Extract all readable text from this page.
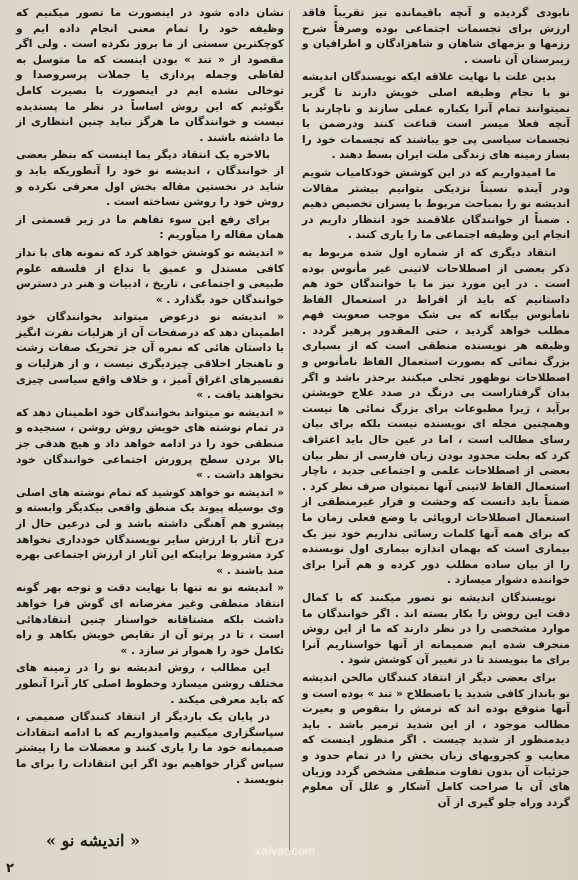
نابودی گردیده و آنچه باقیمانده نیز تقریباً فاقد ارزش برای تجسمات اجتماعی بوده وصرفاً شرح رزمها و بزمهای شاهان و شاهزادگان و اطرافیان و زیبرستان آن ناست .

بدین علت با نهایت علاقه ایکه نویسندگان اندیشه نو با نجام وظیفه اصلی خویش دارند نا گزیر نمیتوانند تمام آنرا یکباره عملی سازند و ناچارند با آنچه فعلا میسر است قناعت کنند ودرضمن با تجسمات سیاسی پی جو یباشند که تجسمات خود را بساز رمینه های زندگی ملت ایران بسط دهند .

ما امیدواریم که در این کوشش خودکامیاب شویم ودر آینده نسبتاً نزدیکی بتوانیم بیشتر مقالات اندیشه نو را بمباحث مربوط با یسران تخصیص دهیم . ضمناً از خوانندگان علاقمند خود انتظار داریم در انجام این وظیفه اجتماعی ما را یاری کنند .

انتقاد دیگری که از شماره اول شده مربوط به ذکر بعضی از اصطلاحات لاتینی غیر مأنوس بوده است . در این مورد نیز ما با خوانندگان خود هم داستانیم که باید از افراط در استعمال الفاظ نامأنوس بیگانه که بی شک موجب صعوبت فهم مطلب خواهد گردید ، حتی المقدور پرهیز گردد . وظیفه هر نویسنده منطقی است که از بسیاری بزرگ نمائی که بصورت استعمال الفاظ نامأنوس و اصطلاحات نوظهور تجلی میکنند برحذر باشد و اگر بدان گرفتاراست بی درنگ در صدد علاج خویشتن برآید ، زیرا مطبوعات برای بزرگ نمائی ها نیست وهمچنین مجله ای نویسنده نیست بلکه برای بیان رسای مطالب است ، اما در عین حال باید اعتراف کرد که بعلت محدود بودن زبان فارسی از نظر بیان بعضی از اصطلاحات علمی و اجتماعی جدید ، ناچار استعمال الفاظ لاتینی آنها نمیتوان صرف نظر کرد . ضمناً باید دانست که وحشت و فرار غیرمنطقی از استعمال اصطلاحات اروپائی با وضع فعلی زمان ما که برای همه آنها کلمات رسائی نداریم خود نیز یک بیماری است که بهمان اندازه بیماری اول نویسنده را از بیان ساده مطلب دور کرده و هم آنرا برای خواننده دشوار میسازد .

نویسندگان اندیشه نو تصور میکنند که با کمال دقت این روش را بکار بسته اند . اگر خوانندگان ما موارد مشخصی را در نظر دارند که ما از این روش منحرف شده ایم صمیمانه از آنها خواستاریم آنرا برای ما بنویسند تا در تغییر آن کوشش شود .

برای بعضی دیگر از انتقاد کنندگان مالحن اندیشه نو بانداز کافی شدید یا باصطلاح « تند » بوده است و آنها متوقع بوده اند که ترمش را بنقوص و بعیرت مطالب موجود ، از این شدید ترمیر باشد . باید دیدمنظور از شدید چیست . اگر منظور اینست که معایب و کجرویهای زبان بخش را در تمام حدود و جزئیات آن بدون تفاوت منطقی مشخص گردد وزیان های آن با صراحت کامل آشکار و علل آن معلوم گردد وراه جلو گیری از آن

نشان داده شود در اینصورت ما تصور میکنیم که وظیفه خود را تمام معنی انجام داده ایم و کوچکترین سستی از ما بروز نکرده است . ولی اگر مقصود از « تند » بودن اینست که ما متوسل به لفاظی وجمله پردازی یا جملات پرسروصدا و توخالی نشده ایم در اینصورت با بصیرت کامل بگوئیم که این روش اساساً در نظر ما پسندیده نیست و خوانندگان ما هرگز نباید چنین انتظاری از ما داشته باشند .

بالاخره یک انتقاد دیگر بما اینست که بنظر بعضی از خوانندگان ، اندیشه نو خود را آنطوریکه باید و شاید در نخستین مقاله بخش اول معرفی نکرده و روش خود را روشن نساخته است .

برای رفع این سوء تفاهم ما در زیر قسمتی از همان مقاله را میآوریم :

« اندیشه نو کوشش خواهد کرد که نمونه های با نداز کافی مستدل و عمیق یا نداع از فلسفه علوم طبیعی و اجتماعی ، تاریخ ، ادبیات و هنر در دسترس خوانندگان خود بگذارد . »

« اندیشه نو درعوض میتواند بخوانندگان خود اطمینان دهد که درصفحات آن از هزلیات نفرت انگیز یا داستان هائی که نمره آن جز تحریک صفات زشت و ناهنجار اخلاقی چیزدیگری نیست ، و از هزلیات و تفسیرهای اغراق آمیز ، و خلاف واقع سیاسی چیزی نخواهند یافت . »

« اندیشه نو میتواند بخوانندگان خود اطمینان دهد که در تمام نوشته های خویش روش روشن ، سنجیده و منطقی خود را در ادامه خواهد داد و هیچ هدفی جز بالا بردن سطح پرورش اجتماعی خوانندگان خود نخواهد داشت . »

« اندیشه نو خواهد کوشید که تمام نوشته های اصلی وی بوسیله پیوند یک منطق واقعی بیکدیگر وابسته و پیشرو هم آهنگی داشته باشد و لی درعین حال از درج آثار با ارزش سایر نویسندگان خودداری نخواهد کرد مشروط براینکه این آثار از ارزش اجتماعی بهره مند باشند . »

« اندیشه نو نه تنها با نهایت دقت و توجه بهر گونه انتقاد منطقی وغیر مغرضانه ای گوش فرا خواهد داشت بلکه مشتاقانه خواستار چنین انتقادهائی است ، تا در پرتو آن از نقایص خویش بکاهد و راه تکامل خود را هموار تر سازد . »

این مطالب ، روش اندیشه نو را در زمینه های مختلف روشن میسازد وخطوط اصلی کار آنرا آنطور که باید معرفی میکند .

در پایان یک باردیگر از انتقاد کنندگان صمیمی ، سپاسگزاری میکنیم وامیدواریم که با ادامه انتقادات صمیمانه خود ما را یاری کنند و معضلات ما را پیشتر سپاس گزار خواهیم بود اگر این انتقادات را برای ما بنویسند .

« اندیشه نو »
xalvat.com
۲
